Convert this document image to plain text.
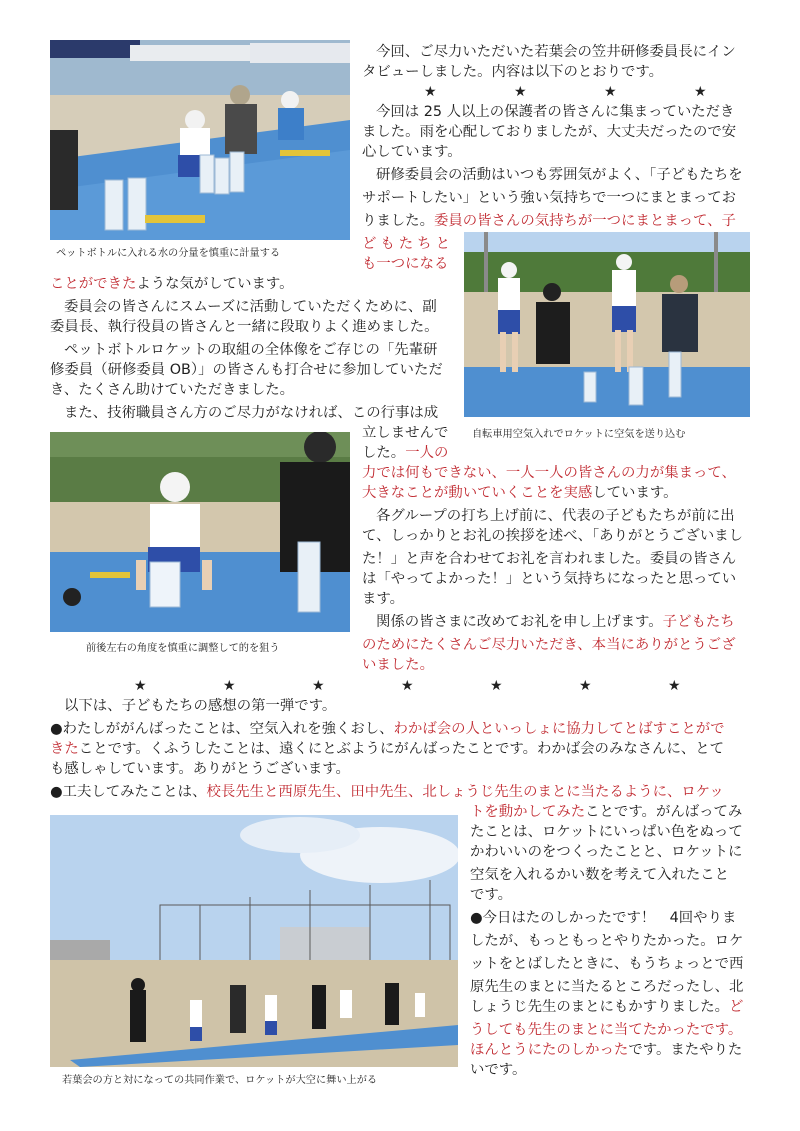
ペットボトルに入れる水の分量を慎重に計量する
自転車用空気入れでロケットに空気を送り込む
前後左右の角度を慎重に調整して的を狙う
若葉会の方と対になっての共同作業で、ロケットが大空に舞い上がる
今回、ご尽力いただいた若葉会の笠井研修委員長にイン
タビューしました。内容は以下のとおりです。
★	★	★	★
今回は 25 人以上の保護者の皆さんに集まっていただき
ました。雨を心配しておりましたが、大丈夫だったので安
心しています。
研修委員会の活動はいつも雰囲気がよく、「子どもたちを
サポートしたい」という強い気持ちで一つにまとまってお
りました。委員の皆さんの気持ちが一つにまとまって、子
どもたちと
も一つになる
ことができたような気がしています。
委員会の皆さんにスムーズに活動していただくために、副
委員長、執行役員の皆さんと一緒に段取りよく進めました。
ペットボトルロケットの取組の全体像をご存じの「先輩研
修委員（研修委員 OB）」の皆さんも打合せに参加していただ
き、たくさん助けていただきました。
また、技術職員さん方のご尽力がなければ、この行事は成
立しませんで
した。一人の
力では何もできない、一人一人の皆さんの力が集まって、
大きなことが動いていくことを実感しています。
各グループの打ち上げ前に、代表の子どもたちが前に出
て、しっかりとお礼の挨拶を述べ、「ありがとうございまし
た！」と声を合わせてお礼を言われました。委員の皆さん
は「やってよかった！」という気持ちになったと思ってい
ます。
関係の皆さまに改めてお礼を申し上げます。子どもたち
のためにたくさんご尽力いただき、本当にありがとうござ
いました。
★	★	★	★	★	★	★
以下は、子どもたちの感想の第一弾です。
●わたしががんばったことは、空気入れを強くおし、わかば会の人といっしょに協力してとばすことがで
きたことです。くふうしたことは、遠くにとぶようにがんばったことです。わかば会のみなさんに、とて
も感しゃしています。ありがとうございます。
●工夫してみたことは、校長先生と西原先生、田中先生、北しょうじ先生のまとに当たるように、ロケッ
トを動かしてみたことです。がんばってみ
たことは、ロケットにいっぱい色をぬって
かわいいのをつくったことと、ロケットに
空気を入れるかい数を考えて入れたこと
です。
●今日はたのしかったです！　4回やりま
したが、もっともっとやりたかった。ロケ
ットをとばしたときに、もうちょっとで西
原先生のまとに当たるところだったし、北
しょうじ先生のまとにもかすりました。ど
うしても先生のまとに当てたかったです。
ほんとうにたのしかったです。またやりた
いです。
